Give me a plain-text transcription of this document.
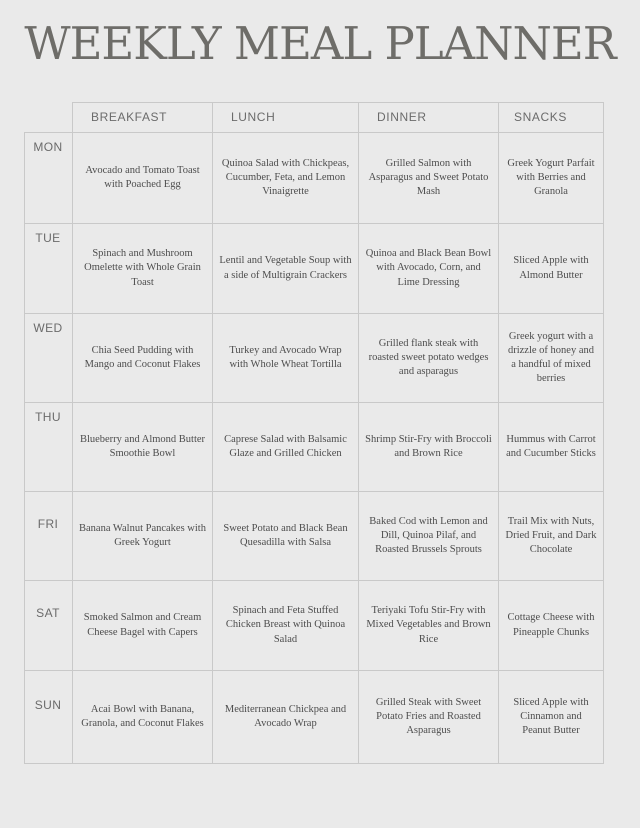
WEEKLY MEAL PLANNER
BREAKFAST	LUNCH	DINNER	SNACKS
MON
Avocado and Tomato Toast with Poached Egg
Quinoa Salad with Chickpeas, Cucumber, Feta, and Lemon Vinaigrette
Grilled Salmon with Asparagus and Sweet Potato Mash
Greek Yogurt Parfait with Berries and Granola
TUE
Spinach and Mushroom Omelette with Whole Grain Toast
Lentil and Vegetable Soup with a side of Multigrain Crackers
Quinoa and Black Bean Bowl with Avocado, Corn, and Lime Dressing
Sliced Apple with Almond Butter
WED
Chia Seed Pudding with Mango and Coconut Flakes
Turkey and Avocado Wrap with Whole Wheat Tortilla
Grilled flank steak with roasted sweet potato wedges and asparagus
Greek yogurt with a drizzle of honey and a handful of mixed berries
THU
Blueberry and Almond Butter Smoothie Bowl
Caprese Salad with Balsamic Glaze and Grilled Chicken
Shrimp Stir-Fry with Broccoli and Brown Rice
Hummus with Carrot and Cucumber Sticks
FRI	Banana Walnut Pancakes with Greek Yogurt
Sweet Potato and Black Bean Quesadilla with Salsa
Baked Cod with Lemon and Dill, Quinoa Pilaf, and Roasted Brussels Sprouts
Trail Mix with Nuts, Dried Fruit, and Dark Chocolate
SAT	Smoked Salmon and Cream Cheese Bagel with Capers
Spinach and Feta Stuffed Chicken Breast with Quinoa Salad
Teriyaki Tofu Stir-Fry with Mixed Vegetables and Brown Rice
Cottage Cheese with Pineapple Chunks
SUN	Acai Bowl with Banana, Granola, and Coconut Flakes
Mediterranean Chickpea and Avocado Wrap
Grilled Steak with Sweet Potato Fries and Roasted Asparagus
Sliced Apple with Cinnamon and Peanut Butter
